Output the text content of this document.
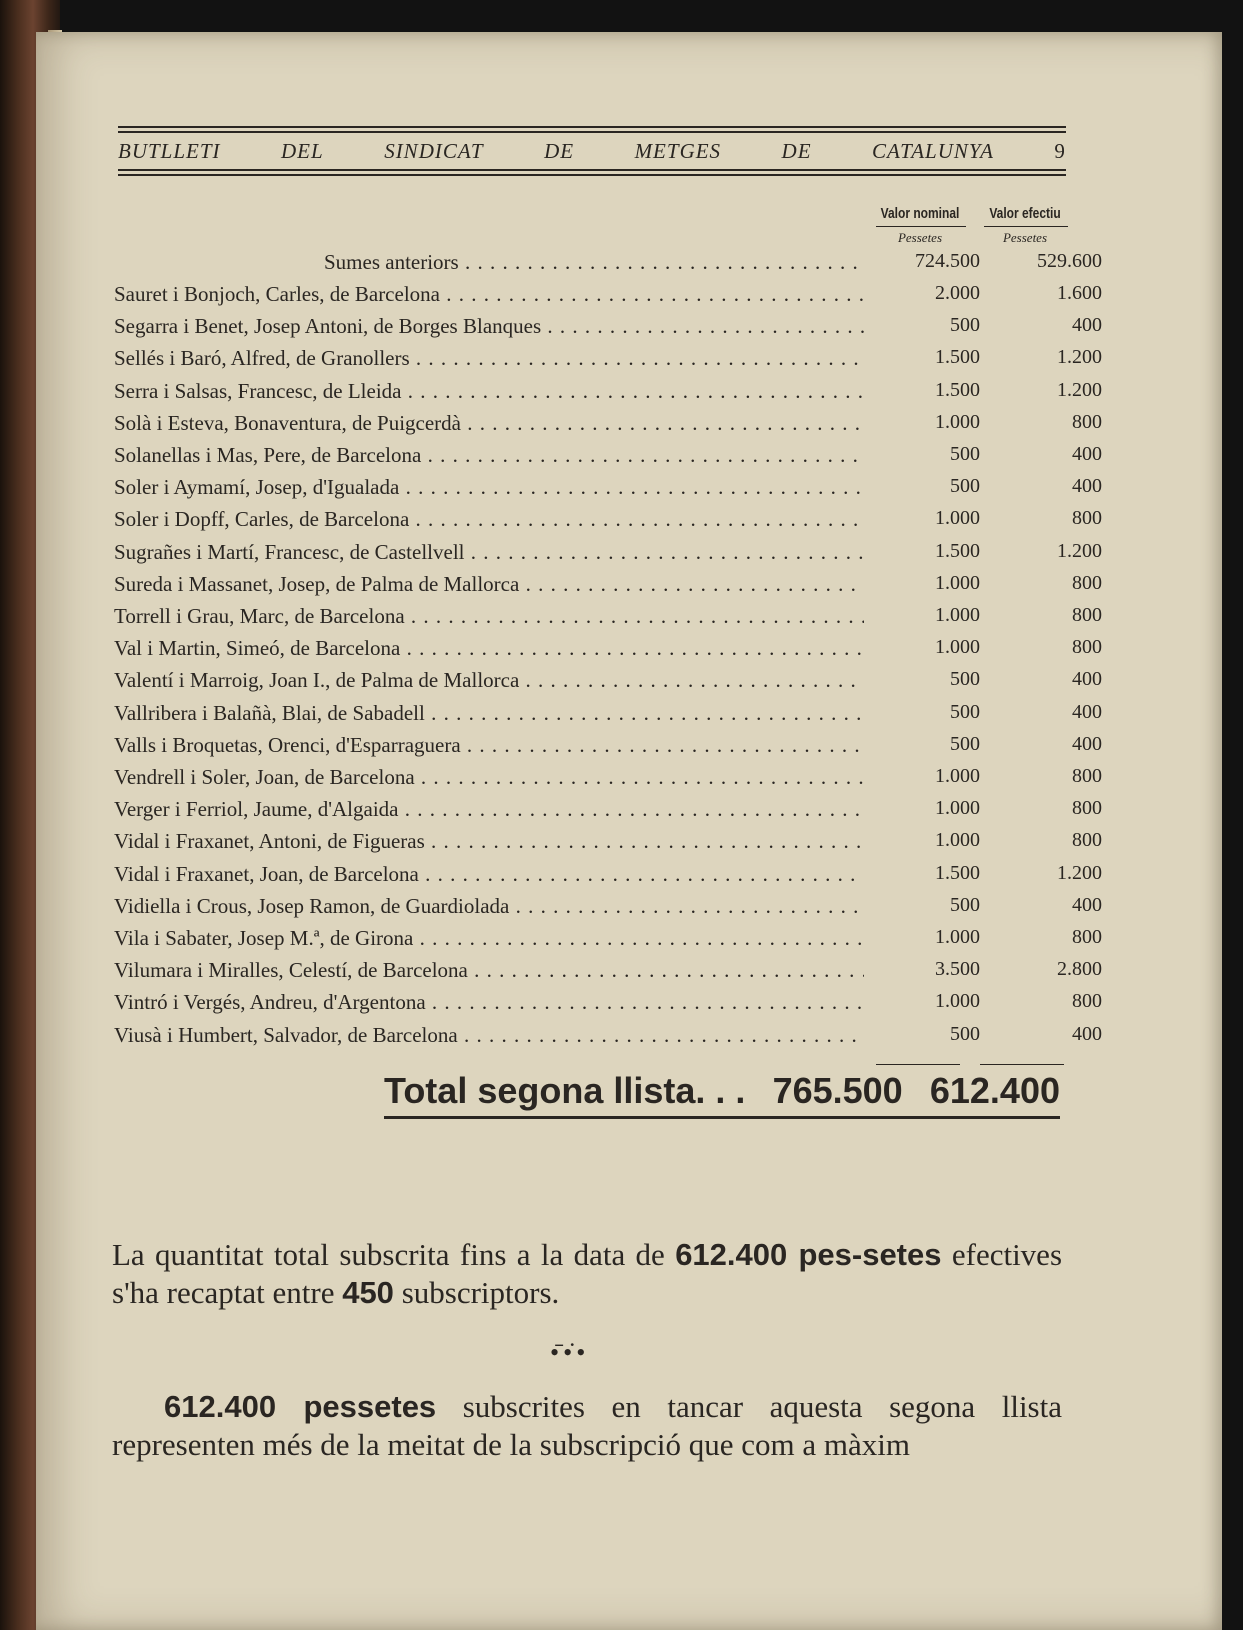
BUTLLETI	DEL	SINDICAT	DE	METGES	DE	CATALUNYA	9
Valor nominal
Pessetes
Valor efectiu
Pessetes
Sumes anteriors . . .	724.500	529.600
Sauret i Bonjoch, Carles, de Barcelona . . .	2.000	1.600
Segarra i Benet, Josep Antoni, de Borges Blanques . . .	500	400
Sellés i Baró, Alfred, de Granollers . . .	1.500	1.200
Serra i Salsas, Francesc, de Lleida . . .	1.500	1.200
Solà i Esteva, Bonaventura, de Puigcerdà . . .	1.000	800
Solanellas i Mas, Pere, de Barcelona . . .	500	400
Soler i Aymamí, Josep, d'Igualada . . .	500	400
Soler i Dopff, Carles, de Barcelona . . .	1.000	800
Sugrañes i Martí, Francesc, de Castellvell . . .	1.500	1.200
Sureda i Massanet, Josep, de Palma de Mallorca . . .	1.000	800
Torrell i Grau, Marc, de Barcelona . . .	1.000	800
Val i Martin, Simeó, de Barcelona . . .	1.000	800
Valentí i Marroig, Joan I., de Palma de Mallorca . . .	500	400
Vallribera i Balañà, Blai, de Sabadell . . .	500	400
Valls i Broquetas, Orenci, d'Esparraguera . . .	500	400
Vendrell i Soler, Joan, de Barcelona . . .	1.000	800
Verger i Ferriol, Jaume, d'Algaida . . .	1.000	800
Vidal i Fraxanet, Antoni, de Figueras . . .	1.000	800
Vidal i Fraxanet, Joan, de Barcelona . . .	1.500	1.200
Vidiella i Crous, Josep Ramon, de Guardiolada . . .	500	400
Vila i Sabater, Josep M.ª, de Girona . . .	1.000	800
Vilumara i Miralles, Celestí, de Barcelona . . .	3.500	2.800
Vintró i Vergés, Andreu, d'Argentona . . .	1.000	800
Viusà i Humbert, Salvador, de Barcelona . . .	500	400
Total segona llista. . . 765.500 612.400
La quantitat total subscrita fins a la data de 612.400 pes-setes efectives s'ha recaptat entre 450 subscriptors.
•̄•̇•
612.400 pessetes subscrites en tancar aquesta segona llista representen més de la meitat de la subscripció que com a màxim
